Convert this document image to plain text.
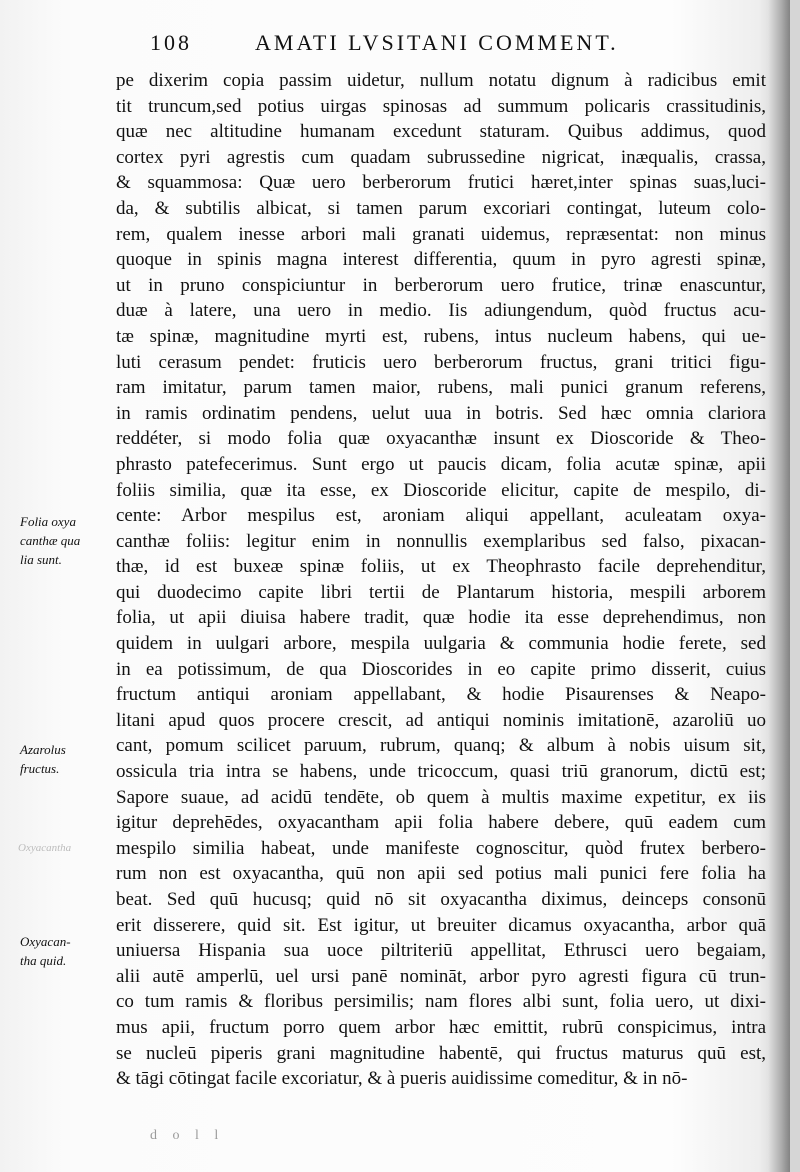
108	AMATI LVSITANI COMMENT.
pe dixerim copia passim uidetur, nullum notatu dignum à radicibus emit
tit truncum,sed potius uirgas spinosas ad summum policaris crassitudinis,
quæ nec altitudine humanam excedunt staturam. Quibus addimus, quod
cortex pyri agrestis cum quadam subrussedine nigricat, inæqualis, crassa,
& squammosa: Quæ uero berberorum frutici hæret,inter spinas suas,luci-
da, & subtilis albicat, si tamen parum excoriari contingat, luteum colo-
rem, qualem inesse arbori mali granati uidemus, repræsentat: non minus
quoque in spinis magna interest differentia, quum in pyro agresti spinæ,
ut in pruno conspiciuntur in berberorum uero frutice, trinæ enascuntur,
duæ à latere, una uero in medio. Iis adiungendum, quòd fructus acu-
tæ spinæ, magnitudine myrti est, rubens, intus nucleum habens, qui ue-
luti cerasum pendet: fruticis uero berberorum fructus, grani tritici figu-
ram imitatur, parum tamen maior, rubens, mali punici granum referens,
in ramis ordinatim pendens, uelut uua in botris. Sed hæc omnia clariora
reddéter, si modo folia quæ oxyacanthæ insunt ex Dioscoride & Theo-
phrasto patefecerimus. Sunt ergo ut paucis dicam, folia acutæ spinæ, apii
foliis similia, quæ ita esse, ex Dioscoride elicitur, capite de mespilo, di-
cente: Arbor mespilus est, aroniam aliqui appellant, aculeatam oxya-
canthæ foliis: legitur enim in nonnullis exemplaribus sed falso, pixacan-
thæ, id est buxeæ spinæ foliis, ut ex Theophrasto facile deprehenditur,
qui duodecimo capite libri tertii de Plantarum historia, mespili arborem
folia, ut apii diuisa habere tradit, quæ hodie ita esse deprehendimus, non
quidem in uulgari arbore, mespila uulgaria & communia hodie ferete, sed
in ea potissimum, de qua Dioscorides in eo capite primo disserit, cuius
fructum antiqui aroniam appellabant, & hodie Pisaurenses & Neapo-
litani apud quos procere crescit, ad antiqui nominis imitationē, azaroliū uo
cant, pomum scilicet paruum, rubrum, quanq; & album à nobis uisum sit,
ossicula tria intra se habens, unde tricoccum, quasi triū granorum, dictū est;
Sapore suaue, ad acidū tendēte, ob quem à multis maxime expetitur, ex iis
igitur deprehēdes, oxyacantham apii folia habere debere, quū eadem cum
mespilo similia habeat, unde manifeste cognoscitur, quòd frutex berbero-
rum non est oxyacantha, quū non apii sed potius mali punici fere folia ha
beat. Sed quū hucusq; quid nō sit oxyacantha diximus, deinceps consonū
erit disserere, quid sit. Est igitur, ut breuiter dicamus oxyacantha, arbor quā
uniuersa Hispania sua uoce piltriteriū appellitat, Ethrusci uero begaiam,
alii autē amperlū, uel ursi panē nomināt, arbor pyro agresti figura cū trun-
co tum ramis & floribus persimilis; nam flores albi sunt, folia uero, ut dixi-
mus apii, fructum porro quem arbor hæc emittit, rubrū conspicimus, intra
se nucleū piperis grani magnitudine habentē, qui fructus maturus quū est,
& tāgi cōtingat facile excoriatur, & à pueris auidissime comeditur, & in nō-
Folia oxya
canthæ qua
lia sunt.
Azarolus
fructus.
Oxyacantha
Oxyacan-
tha quid.
d o l l
